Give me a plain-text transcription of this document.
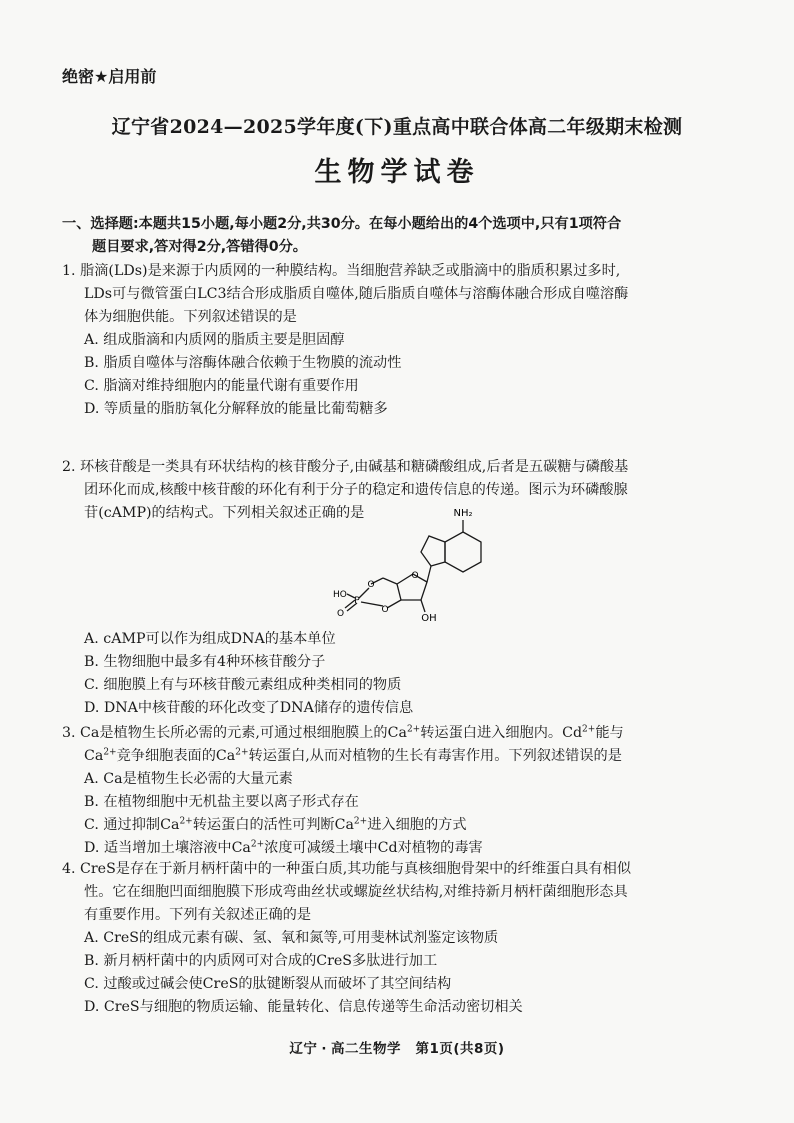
绝密★启用前
辽宁省2024—2025学年度(下)重点高中联合体高二年级期末检测
生物学试卷
一、选择题:本题共15小题,每小题2分,共30分。在每小题给出的4个选项中,只有1项符合
题目要求,答对得2分,答错得0分。
1. 脂滴(LDs)是来源于内质网的一种膜结构。当细胞营养缺乏或脂滴中的脂质积累过多时,
LDs可与微管蛋白LC3结合形成脂质自噬体,随后脂质自噬体与溶酶体融合形成自噬溶酶
体为细胞供能。下列叙述错误的是
A. 组成脂滴和内质网的脂质主要是胆固醇
B. 脂质自噬体与溶酶体融合依赖于生物膜的流动性
C. 脂滴对维持细胞内的能量代谢有重要作用
D. 等质量的脂肪氧化分解释放的能量比葡萄糖多
2. 环核苷酸是一类具有环状结构的核苷酸分子,由碱基和糖磷酸组成,后者是五碳糖与磷酸基
团环化而成,核酸中核苷酸的环化有利于分子的稳定和遗传信息的传递。图示为环磷酸腺
苷(cAMP)的结构式。下列相关叙述正确的是	NH₂
O
O
O
P
HO
O	OH
A. cAMP可以作为组成DNA的基本单位
B. 生物细胞中最多有4种环核苷酸分子
C. 细胞膜上有与环核苷酸元素组成种类相同的物质
D. DNA中核苷酸的环化改变了DNA储存的遗传信息
3. Ca是植物生长所必需的元素,可通过根细胞膜上的$Ca^{2+}$转运蛋白进入细胞内。$Cd^{2+}$能与
$Ca^{2+}$竞争细胞表面的$Ca^{2+}$转运蛋白,从而对植物的生长有毒害作用。下列叙述错误的是
A. Ca是植物生长必需的大量元素
B. 在植物细胞中无机盐主要以离子形式存在
C. 通过抑制$Ca^{2+}$转运蛋白的活性可判断$Ca^{2+}$进入细胞的方式
D. 适当增加土壤溶液中$Ca^{2+}$浓度可减缓土壤中Cd对植物的毒害
4. CreS是存在于新月柄杆菌中的一种蛋白质,其功能与真核细胞骨架中的纤维蛋白具有相似
性。它在细胞凹面细胞膜下形成弯曲丝状或螺旋丝状结构,对维持新月柄杆菌细胞形态具
有重要作用。下列有关叙述正确的是
A. CreS的组成元素有碳、氢、氧和氮等,可用斐林试剂鉴定该物质
B. 新月柄杆菌中的内质网可对合成的CreS多肽进行加工
C. 过酸或过碱会使CreS的肽键断裂从而破坏了其空间结构
D. CreS与细胞的物质运输、能量转化、信息传递等生命活动密切相关
辽宁 · 高二生物学 第1页(共8页)
